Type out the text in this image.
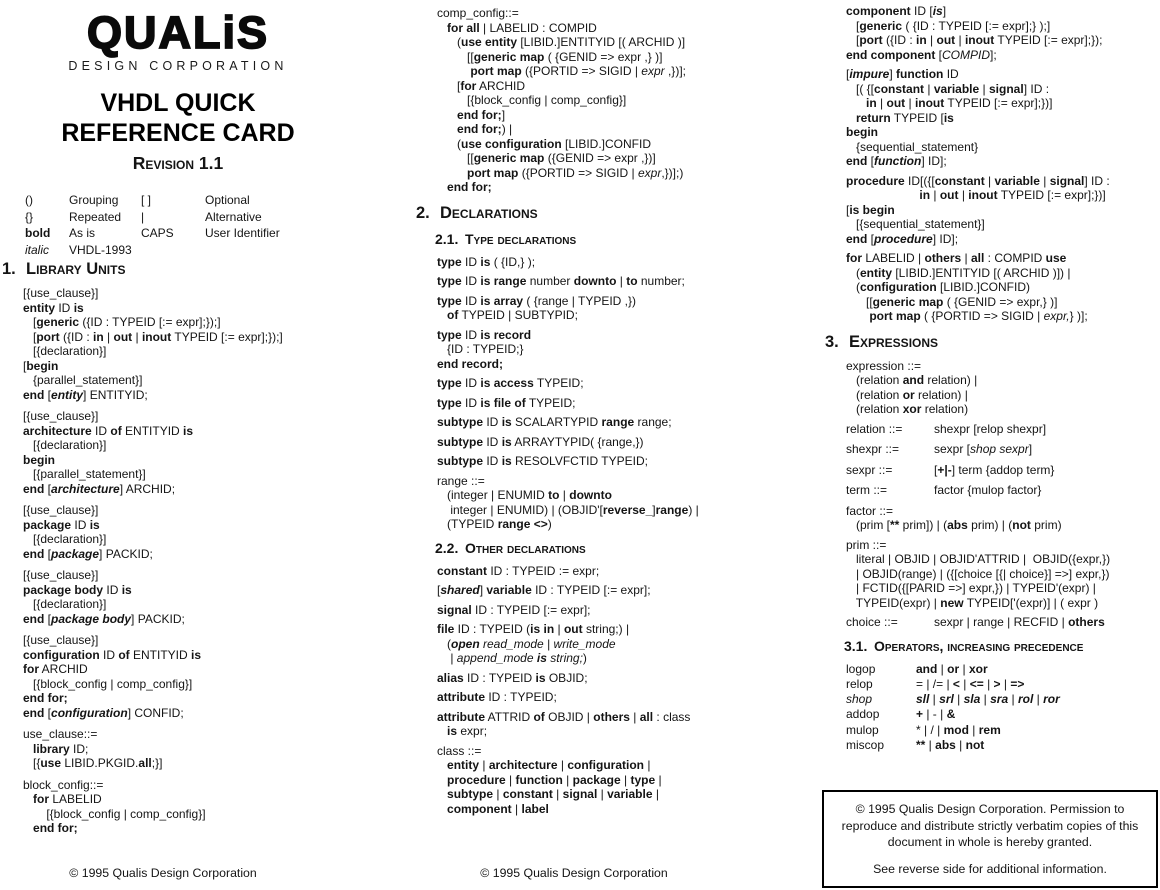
QUALiS
DESIGN CORPORATION
VHDL QUICK
REFERENCE CARD
Revision 1.1
()	Grouping	[ ]	Optional
{}	Repeated	|	Alternative
bold	As is	CAPS	User Identifier
italic	VHDL-1993
1. Library Units
[{use_clause}]
entity ID is
[generic ({ID : TYPEID [:= expr];});]
[port ({ID : in | out | inout TYPEID [:= expr];});]
[{declaration}]
[begin
{parallel_statement}]
end [entity] ENTITYID;
[{use_clause}]
architecture ID of ENTITYID is
[{declaration}]
begin
[{parallel_statement}]
end [architecture] ARCHID;
[{use_clause}]
package ID is
[{declaration}]
end [package] PACKID;
[{use_clause}]
package body ID is
[{declaration}]
end [package body] PACKID;
[{use_clause}]
configuration ID of ENTITYID is
for ARCHID
[{block_config | comp_config}]
end for;
end [configuration] CONFID;
use_clause::=
library ID;
[{use LIBID.PKGID.all;}]
block_config::=
for LABELID
[{block_config | comp_config}]
end for;
comp_config::=
for all | LABELID : COMPID
(use entity [LIBID.]ENTITYID [( ARCHID )]
[[generic map ( {GENID => expr ,} )]
port map ({PORTID => SIGID | expr ,})];
[for ARCHID
[{block_config | comp_config}]
end for;]
end for;) |
(use configuration [LIBID.]CONFID
[[generic map ({GENID => expr ,})]
port map ({PORTID => SIGID | expr,})];)
end for;
2. Declarations
2.1. Type declarations
type ID is ( {ID,} );
type ID is range number downto | to number;
type ID is array ( {range | TYPEID ,})
of TYPEID | SUBTYPID;
type ID is record
{ID : TYPEID;}
end record;
type ID is access TYPEID;
type ID is file of TYPEID;
subtype ID is SCALARTYPID range range;
subtype ID is ARRAYTYPID( {range,})
subtype ID is RESOLVFCTID TYPEID;
range ::=
(integer | ENUMID to | downto
integer | ENUMID) | (OBJID'[reverse_]range) |
(TYPEID range <>)
2.2. Other declarations
constant ID : TYPEID := expr;
[shared] variable ID : TYPEID [:= expr];
signal ID : TYPEID [:= expr];
file ID : TYPEID (is in | out string;) |
(open read_mode | write_mode
| append_mode is string;)
alias ID : TYPEID is OBJID;
attribute ID : TYPEID;
attribute ATTRID of OBJID | others | all : class
is expr;
class ::=
entity | architecture | configuration |
procedure | function | package | type |
subtype | constant | signal | variable |
component | label
component ID [is]
[generic ( {ID : TYPEID [:= expr];} );]
[port ({ID : in | out | inout TYPEID [:= expr];});
end component [COMPID];
[impure] function ID
[( {[constant | variable | signal] ID :
in | out | inout TYPEID [:= expr];})]
return TYPEID [is
begin
{sequential_statement}
end [function] ID];
procedure ID[({[constant | variable | signal] ID :
in | out | inout TYPEID [:= expr];})]
[is begin
[{sequential_statement}]
end [procedure] ID];
for LABELID | others | all : COMPID use
(entity [LIBID.]ENTITYID [( ARCHID )]) |
(configuration [LIBID.]CONFID)
[[generic map ( {GENID => expr,} )]
port map ( {PORTID => SIGID | expr,} )];
3. Expressions
expression ::=
(relation and relation) |
(relation or relation) |
(relation xor relation)
relation ::=	shexpr [relop shexpr]
shexpr ::=	sexpr [shop sexpr]
sexpr ::=	[+|-] term {addop term}
term ::=	factor {mulop factor}
factor ::=
(prim [** prim]) | (abs prim) | (not prim)
prim ::=
literal | OBJID | OBJID'ATTRID |  OBJID({expr,})
| OBJID(range) | ({[choice [{| choice}] =>] expr,})
| FCTID({[PARID =>] expr,}) | TYPEID'(expr) |
TYPEID(expr) | new TYPEID['(expr)] | ( expr )
choice ::=	sexpr | range | RECFID | others
3.1. Operators, increasing precedence
logop	and | or | xor
relop	= | /= | < | <= | > | =>
shop	sll | srl | sla | sra | rol | ror
addop	+ | - | &
mulop	* | / | mod | rem
miscop	** | abs | not
© 1995 Qualis Design Corporation	© 1995 Qualis Design Corporation

© 1995 Qualis Design Corporation. Permission to reproduce and distribute strictly verbatim copies of this document in whole is hereby granted.

See reverse side for additional information.
